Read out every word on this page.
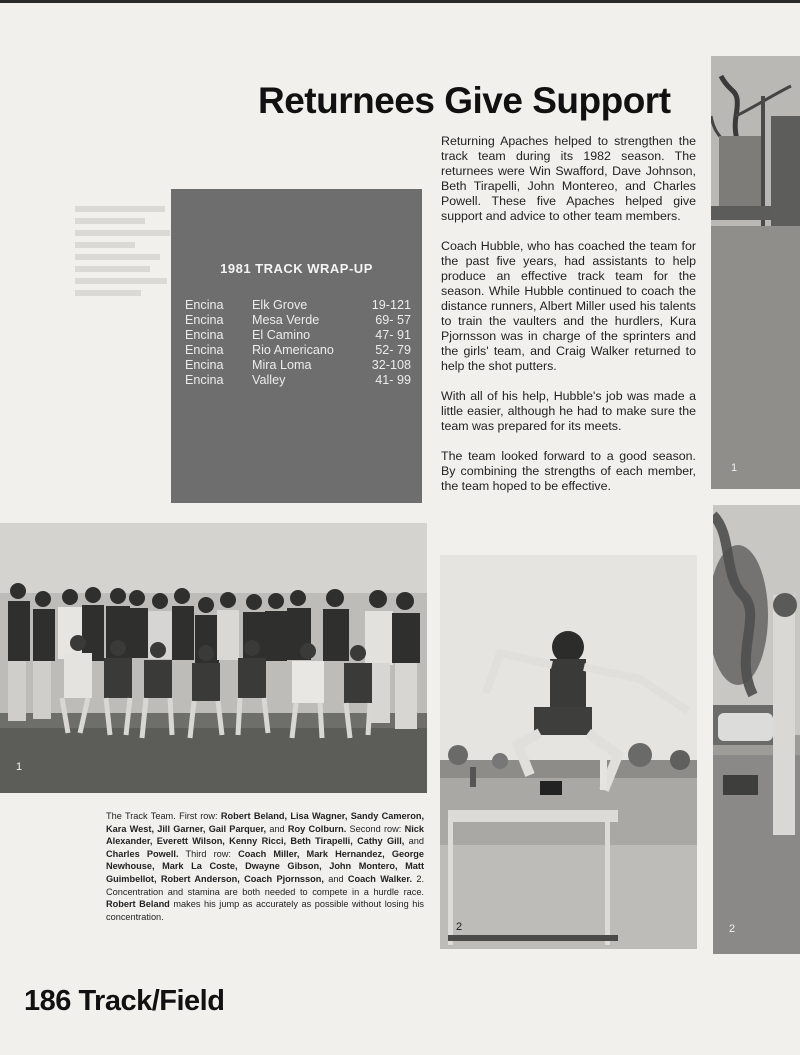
Returnees Give Support

Returning Apaches helped to strengthen the track team during its 1982 season. The returnees were Win Swafford, Dave Johnson, Beth Tirapelli, John Montereo, and Charles Powell. These five Apaches helped give support and advice to other team members.

Coach Hubble, who has coached the team for the past five years, had assistants to help produce an effective track team for the season. While Hubble continued to coach the distance runners, Albert Miller used his talents to train the vaulters and the hurdlers, Kura Pjornsson was in charge of the sprinters and the girls' team, and Craig Walker returned to help the shot putters.

With all of his help, Hubble's job was made a little easier, although he had to make sure the team was prepared for its meets.

The team looked forward to a good season. By combining the strengths of each member, the team hoped to be effective.

1981 TRACK WRAP-UP
Encina	Elk Grove	19-121
Encina	Mesa Verde	69- 57
Encina	El Camino	47- 91
Encina	Rio Americano	52- 79
Encina	Mira Loma	32-108
Encina	Valley	41- 99
1
2
1
2
The Track Team. First row: Robert Beland, Lisa Wagner, Sandy Cameron, Kara West, Jill Garner, Gail Parquer, and Roy Colburn. Second row: Nick Alexander, Everett Wilson, Kenny Ricci, Beth Tirapelli, Cathy Gill, and Charles Powell. Third row: Coach Miller, Mark Hernandez, George Newhouse, Mark La Coste, Dwayne Gibson, John Montero, Matt Guimbellot, Robert Anderson, Coach Pjornsson, and Coach Walker. 2. Concentration and stamina are both needed to compete in a hurdle race. Robert Beland makes his jump as accurately as possible without losing his concentration.
186 Track/Field
